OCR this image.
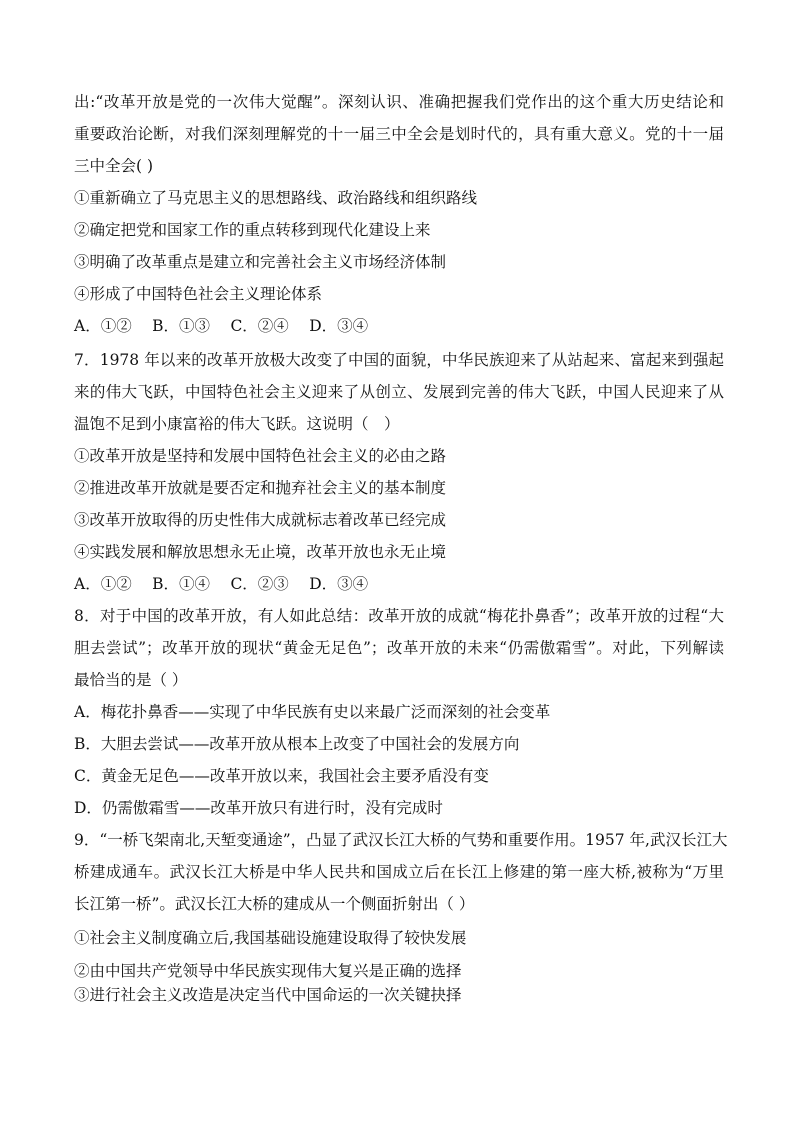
出:“改革开放是党的一次伟大觉醒”。深刻认识、准确把握我们党作出的这个重大历史结论和
重要政治论断，对我们深刻理解党的十一届三中全会是划时代的，具有重大意义。党的十一届
三中全会( )
①重新确立了马克思主义的思想路线、政治路线和组织路线
②确定把党和国家工作的重点转移到现代化建设上来
③明确了改革重点是建立和完善社会主义市场经济体制
④形成了中国特色社会主义理论体系
A．①②　 B．①③　 C．②④　 D．③④
7．1978 年以来的改革开放极大改变了中国的面貌，中华民族迎来了从站起来、富起来到强起
来的伟大飞跃，中国特色社会主义迎来了从创立、发展到完善的伟大飞跃，中国人民迎来了从
温饱不足到小康富裕的伟大飞跃。这说明（　）
①改革开放是坚持和发展中国特色社会主义的必由之路
②推进改革开放就是要否定和抛弃社会主义的基本制度
③改革开放取得的历史性伟大成就标志着改革已经完成
④实践发展和解放思想永无止境，改革开放也永无止境
A．①②　 B．①④　 C．②③　 D．③④
8．对于中国的改革开放，有人如此总结：改革开放的成就“梅花扑鼻香”；改革开放的过程“大
胆去尝试”；改革开放的现状“黄金无足色”；改革开放的未来“仍需傲霜雪”。对此，下列解读
最恰当的是（ ）
A．梅花扑鼻香——实现了中华民族有史以来最广泛而深刻的社会变革
B．大胆去尝试——改革开放从根本上改变了中国社会的发展方向
C．黄金无足色——改革开放以来，我国社会主要矛盾没有变
D．仍需傲霜雪——改革开放只有进行时，没有完成时
9．“一桥飞架南北,天堑变通途”，凸显了武汉长江大桥的气势和重要作用。1957 年,武汉长江大
桥建成通车。武汉长江大桥是中华人民共和国成立后在长江上修建的第一座大桥,被称为“万里
长江第一桥”。武汉长江大桥的建成从一个侧面折射出（ ）
①社会主义制度确立后,我国基础设施建设取得了较快发展
②由中国共产党领导中华民族实现伟大复兴是正确的选择
③进行社会主义改造是决定当代中国命运的一次关键抉择
